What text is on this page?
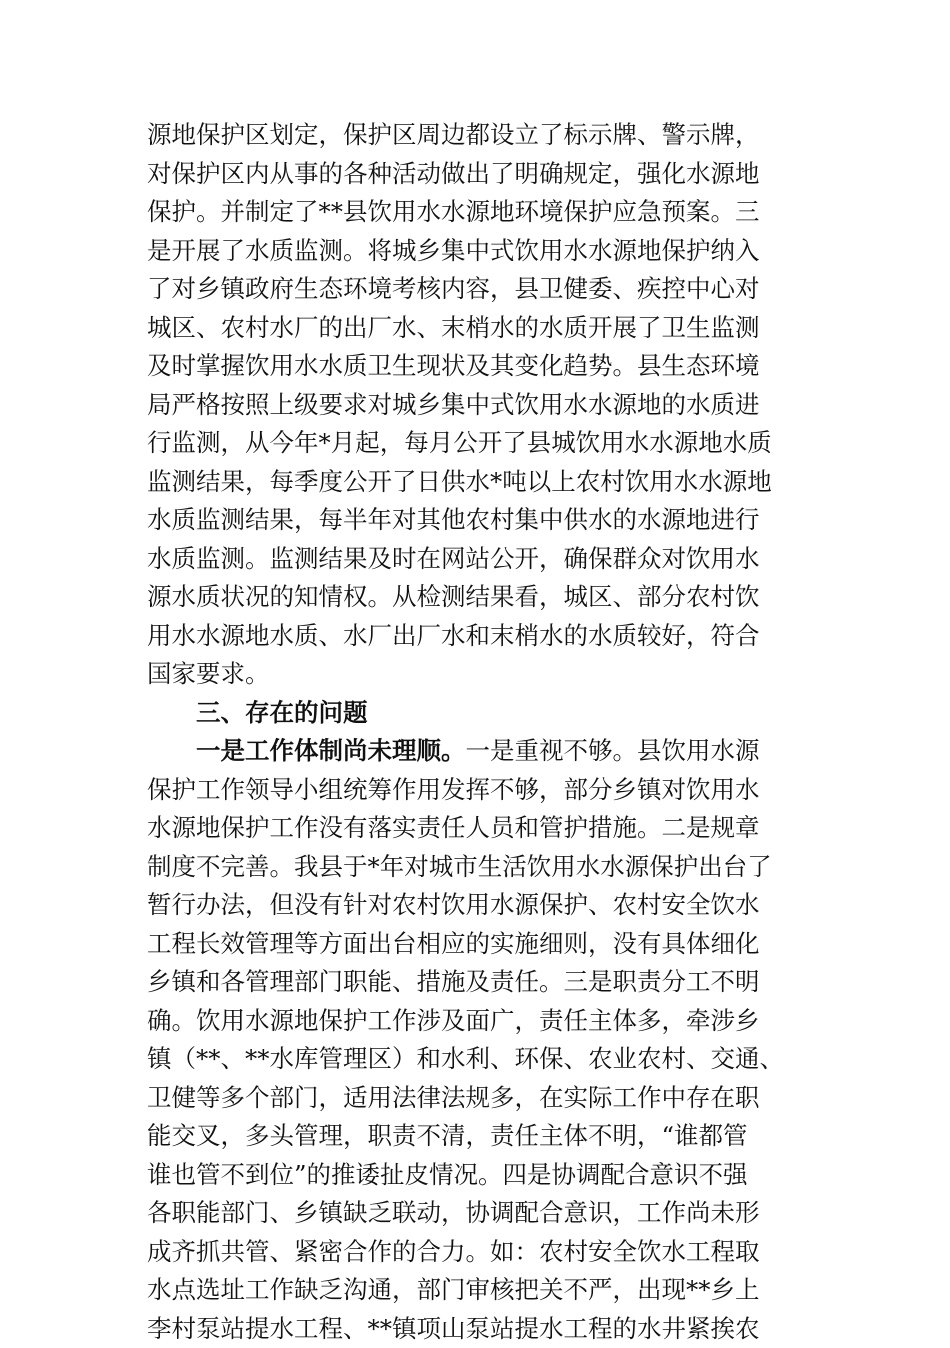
源地保护区划定，保护区周边都设立了标示牌、警示牌，
对保护区内从事的各种活动做出了明确规定，强化水源地
保护。并制定了**县饮用水水源地环境保护应急预案。三
是开展了水质监测。将城乡集中式饮用水水源地保护纳入
了对乡镇政府生态环境考核内容，县卫健委、疾控中心对
城区、农村水厂的出厂水、末梢水的水质开展了卫生监测
及时掌握饮用水水质卫生现状及其变化趋势。县生态环境
局严格按照上级要求对城乡集中式饮用水水源地的水质进
行监测，从今年*月起，每月公开了县城饮用水水源地水质
监测结果，每季度公开了日供水*吨以上农村饮用水水源地
水质监测结果，每半年对其他农村集中供水的水源地进行
水质监测。监测结果及时在网站公开，确保群众对饮用水
源水质状况的知情权。从检测结果看，城区、部分农村饮
用水水源地水质、水厂出厂水和末梢水的水质较好，符合
国家要求。
　　三、存在的问题
　　一是工作体制尚未理顺。一是重视不够。县饮用水源
保护工作领导小组统筹作用发挥不够，部分乡镇对饮用水
水源地保护工作没有落实责任人员和管护措施。二是规章
制度不完善。我县于*年对城市生活饮用水水源保护出台了
暂行办法，但没有针对农村饮用水源保护、农村安全饮水
工程长效管理等方面出台相应的实施细则，没有具体细化
乡镇和各管理部门职能、措施及责任。三是职责分工不明
确。饮用水源地保护工作涉及面广，责任主体多，牵涉乡
镇（**、**水库管理区）和水利、环保、农业农村、交通、
卫健等多个部门，适用法律法规多，在实际工作中存在职
能交叉，多头管理，职责不清，责任主体不明，“谁都管
谁也管不到位”的推诿扯皮情况。四是协调配合意识不强
各职能部门、乡镇缺乏联动，协调配合意识，工作尚未形
成齐抓共管、紧密合作的合力。如：农村安全饮水工程取
水点选址工作缺乏沟通，部门审核把关不严，出现**乡上
李村泵站提水工程、**镇项山泵站提水工程的水井紧挨农
